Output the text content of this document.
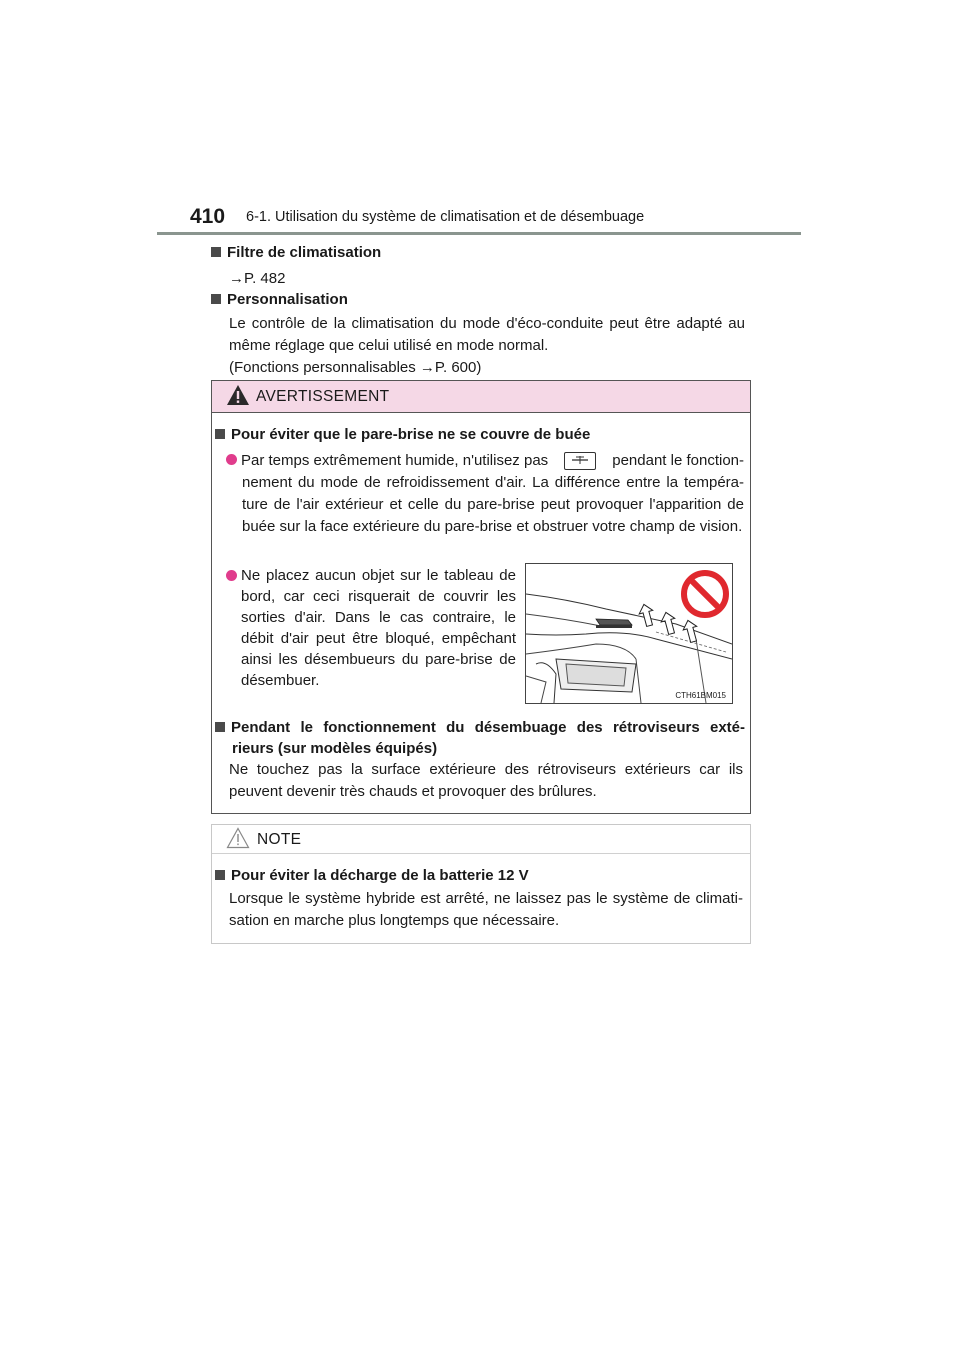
410 6-1. Utilisation du système de climatisation et de désembuage
Filtre de climatisation
→P. 482
Personnalisation
Le contrôle de la climatisation du mode d'éco-conduite peut être adapté au
même réglage que celui utilisé en mode normal.
(Fonctions personnalisables →P. 600)
AVERTISSEMENT
Pour éviter que le pare-brise ne se couvre de buée
Par temps extrêmement humide, n'utilisez pas	pendant le fonction-
nement du mode de refroidissement d'air. La différence entre la tempéra-ture de l'air extérieur et celle du pare-brise peut provoquer l'apparition de buée sur la face extérieure du pare-brise et obstruer votre champ de vision.
Ne placez aucun objet sur le tableau de bord, car ceci risquerait de couvrir les sorties d'air. Dans le cas contraire, le débit d'air peut être bloqué, empêchant ainsi les désembueurs du pare-brise de désembuer.
Pendant le fonctionnement du désembuage des rétroviseurs exté-
rieurs (sur modèles équipés)
Ne touchez pas la surface extérieure des rétroviseurs extérieurs car ils peuvent devenir très chauds et provoquer des brûlures.
CTH61BM015
NOTE
Pour éviter la décharge de la batterie 12 V
Lorsque le système hybride est arrêté, ne laissez pas le système de climati-sation en marche plus longtemps que nécessaire.
